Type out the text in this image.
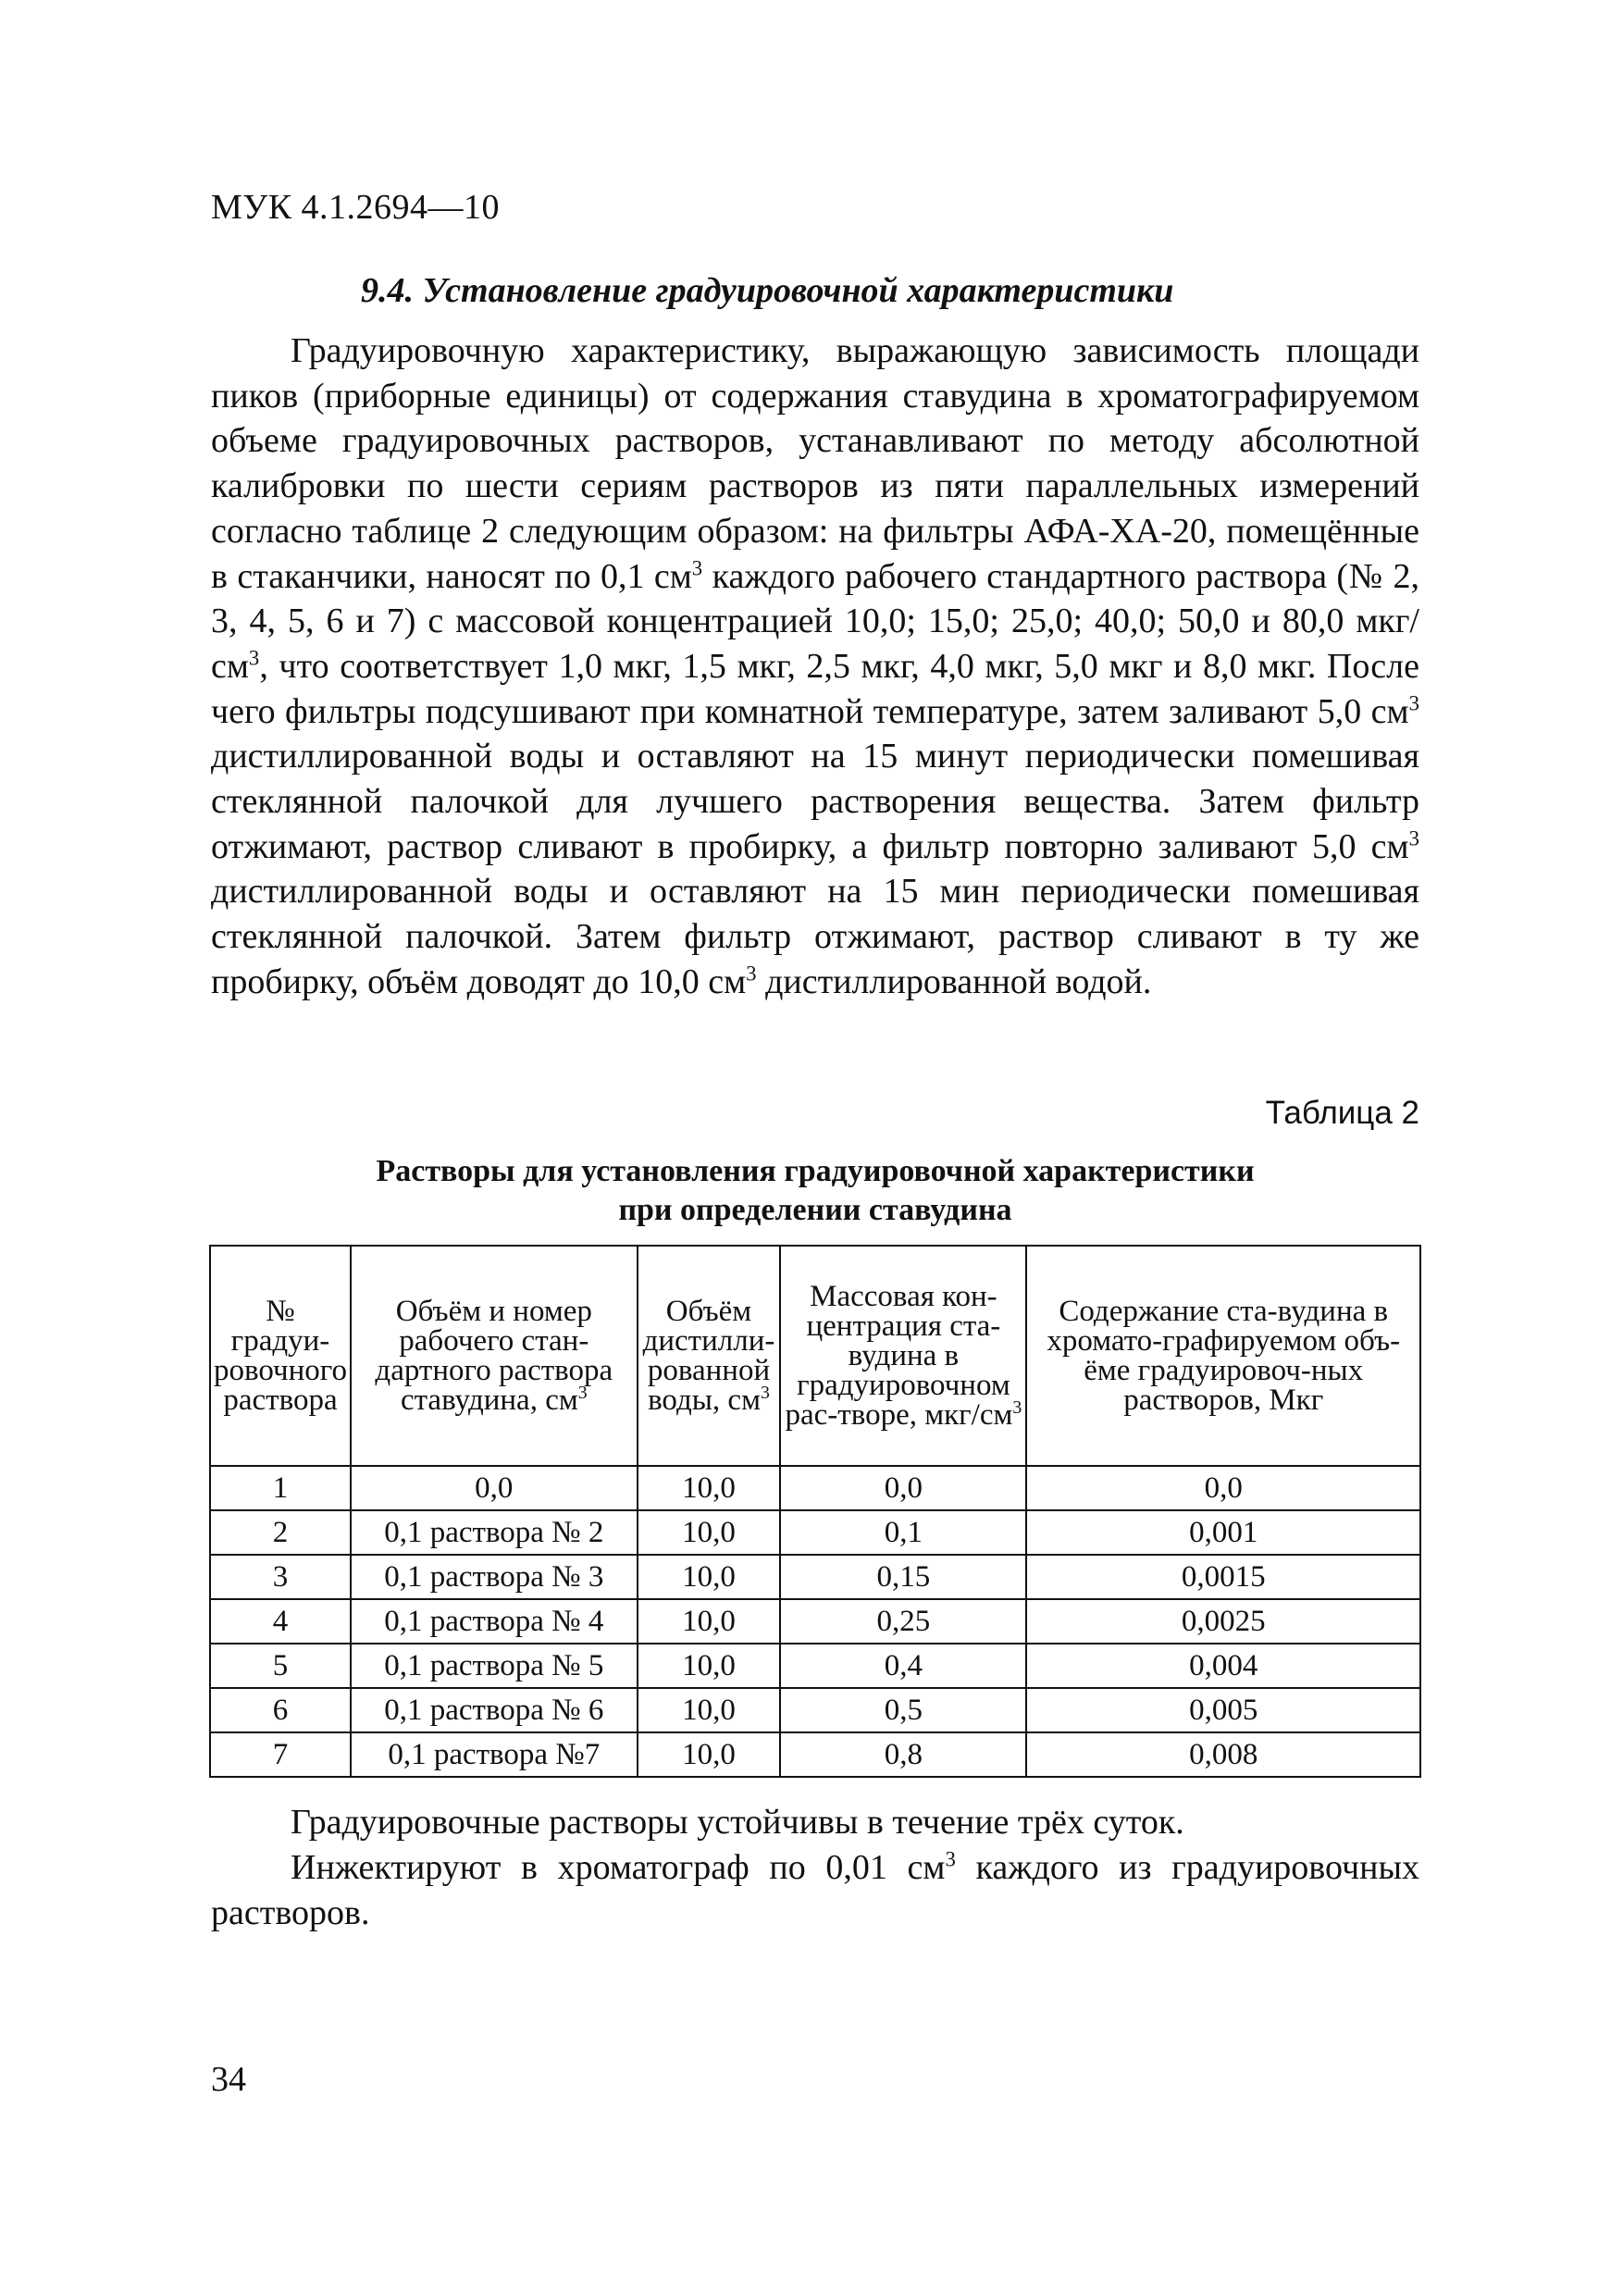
МУК 4.1.2694—10
9.4. Установление градуировочной характеристики

Градуировочную характеристику, выражающую зависимость площади пиков (приборные единицы) от содержания ставудина в хроматографируемом объеме градуировочных растворов, устанавливают по методу абсолютной калибровки по шести сериям растворов из пяти параллельных измерений согласно таблице 2 следующим образом: на фильтры АФА-ХА-20, помещённые в стаканчики, наносят по 0,1 $см^3$ каждого рабочего стандартного раствора (№ 2, 3, 4, 5, 6 и 7) с массовой концентрацией 10,0; 15,0; 25,0; 40,0; 50,0 и 80,0 мкг/$см^3$, что соответствует 1,0 мкг, 1,5 мкг, 2,5 мкг, 4,0 мкг, 5,0 мкг и 8,0 мкг. После чего фильтры подсушивают при комнатной температуре, затем заливают 5,0 $см^3$ дистиллированной воды и оставляют на 15 минут периодически помешивая стеклянной палочкой для лучшего растворения вещества. Затем фильтр отжимают, раствор сливают в пробирку, а фильтр повторно заливают 5,0 $см^3$ дистиллированной воды и оставляют на 15 мин периодически помешивая стеклянной палочкой. Затем фильтр отжимают, раствор сливают в ту же пробирку, объём доводят до 10,0 $см^3$ дистиллированной водой.

Таблица 2
Растворы для установления градуировочной характеристики
при определении ставудина
№ градуи-ровочного раствора	Объём и номер рабочего стан-дартного раствора ставудина, $см^3$	Объём дистилли-рованной воды, $см^3$	Массовая кон-центрация ста-вудина в градуировочном рас-творе, мкг/$см^3$	Содержание ста-вудина в хромато-графируемом объ-ёме градуировоч-ных растворов, Мкг
1	0,0	10,0	0,0	0,0
2	0,1 раствора № 2	10,0	0,1	0,001
3	0,1 раствора № 3	10,0	0,15	0,0015
4	0,1 раствора № 4	10,0	0,25	0,0025
5	0,1 раствора № 5	10,0	0,4	0,004
6	0,1 раствора № 6	10,0	0,5	0,005
7	0,1 раствора №7	10,0	0,8	0,008

Градуировочные растворы устойчивы в течение трёх суток.

Инжектируют в хроматограф по 0,01 $см^3$ каждого из градуировочных растворов.

34
